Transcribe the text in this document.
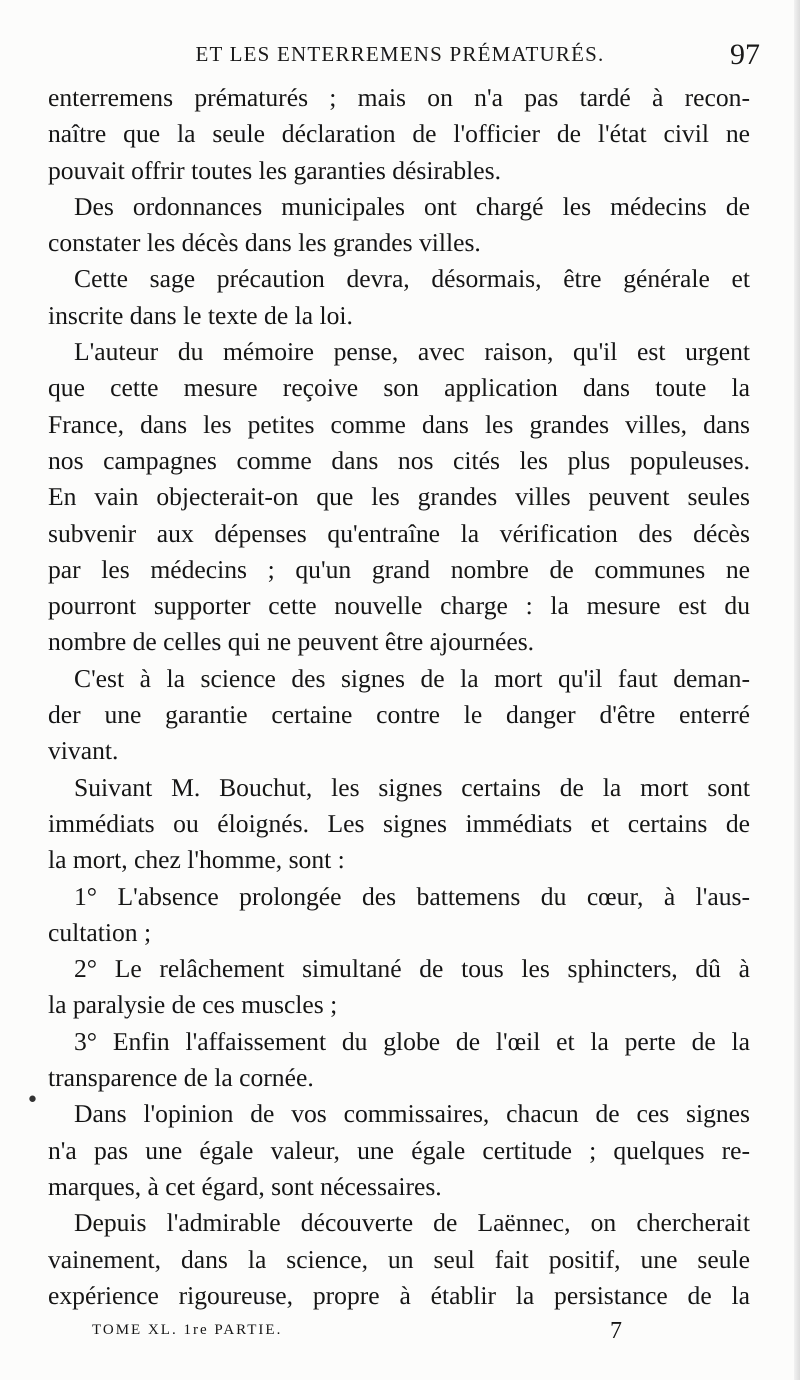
ET LES ENTERREMENS PRÉMATURÉS.	97
enterremens prématurés ; mais on n'a pas tardé à recon-
naître que la seule déclaration de l'officier de l'état civil ne
pouvait offrir toutes les garanties désirables.
Des ordonnances municipales ont chargé les médecins de
constater les décès dans les grandes villes.
Cette sage précaution devra, désormais, être générale et
inscrite dans le texte de la loi.
L'auteur du mémoire pense, avec raison, qu'il est urgent
que cette mesure reçoive son application dans toute la
France, dans les petites comme dans les grandes villes, dans
nos campagnes comme dans nos cités les plus populeuses.
En vain objecterait-on que les grandes villes peuvent seules
subvenir aux dépenses qu'entraîne la vérification des décès
par les médecins ; qu'un grand nombre de communes ne
pourront supporter cette nouvelle charge : la mesure est du
nombre de celles qui ne peuvent être ajournées.
C'est à la science des signes de la mort qu'il faut deman-
der une garantie certaine contre le danger d'être enterré
vivant.
Suivant M. Bouchut, les signes certains de la mort sont
immédiats ou éloignés. Les signes immédiats et certains de
la mort, chez l'homme, sont :
1° L'absence prolongée des battemens du cœur, à l'aus-
cultation ;
2° Le relâchement simultané de tous les sphincters, dû à
la paralysie de ces muscles ;
3° Enfin l'affaissement du globe de l'œil et la perte de la
transparence de la cornée.
Dans l'opinion de vos commissaires, chacun de ces signes
n'a pas une égale valeur, une égale certitude ; quelques re-
marques, à cet égard, sont nécessaires.
Depuis l'admirable découverte de Laënnec, on chercherait
vainement, dans la science, un seul fait positif, une seule
expérience rigoureuse, propre à établir la persistance de la
•
TOME XL. 1re PARTIE.	7
